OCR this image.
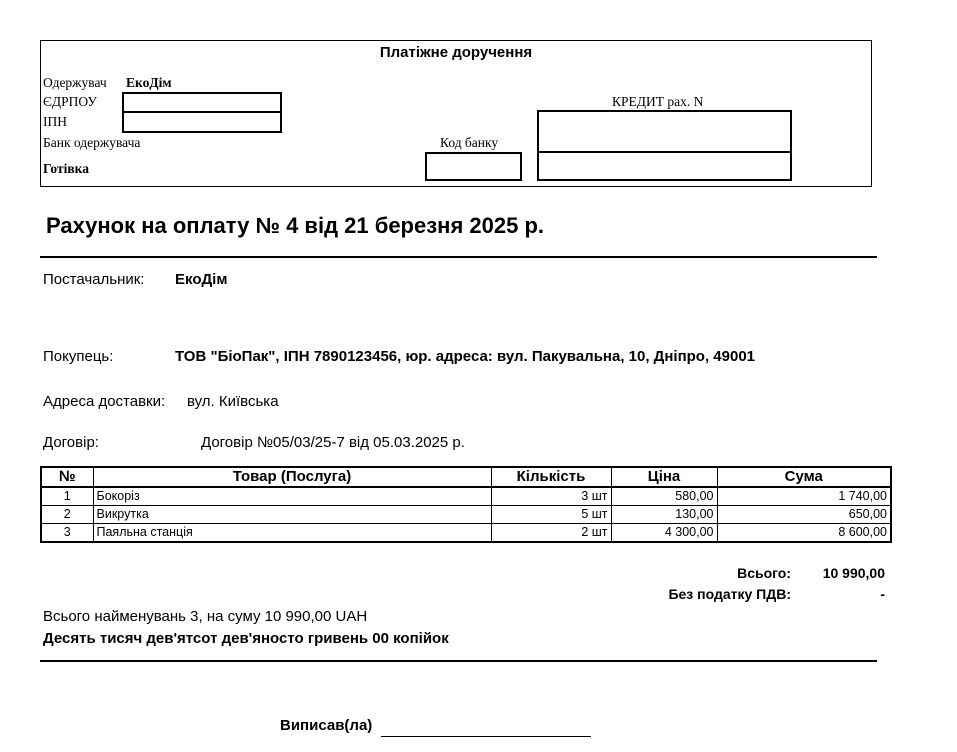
Платіжне доручення
Одержувач ЕкоДім
ЄДРПОУ
ІПН
Банк одержувача
Готівка
Код банку
КРЕДИТ рах. N
Рахунок на оплату № 4 від 21 березня 2025 р.
Постачальник: ЕкоДім
Покупець:	ТОВ "БіоПак", ІПН 7890123456, юр. адреса: вул. Пакувальна, 10, Дніпро, 49001
Адреса доставки: вул. Київська
Договір:	Договір №05/03/25-7 від 05.03.2025 р.
№	Товар (Послуга)	Кількість	Ціна	Сума
1	Бокоріз	3 шт	580,00	1 740,00
2	Викрутка	5 шт	130,00	650,00
3	Паяльна станція	2 шт	4 300,00	8 600,00
Всього: 10 990,00
Без податку ПДВ:	-
Всього найменувань 3, на суму 10 990,00 UAH
Десять тисяч дев'ятсот дев'яносто гривень 00 копійок
Виписав(ла)
